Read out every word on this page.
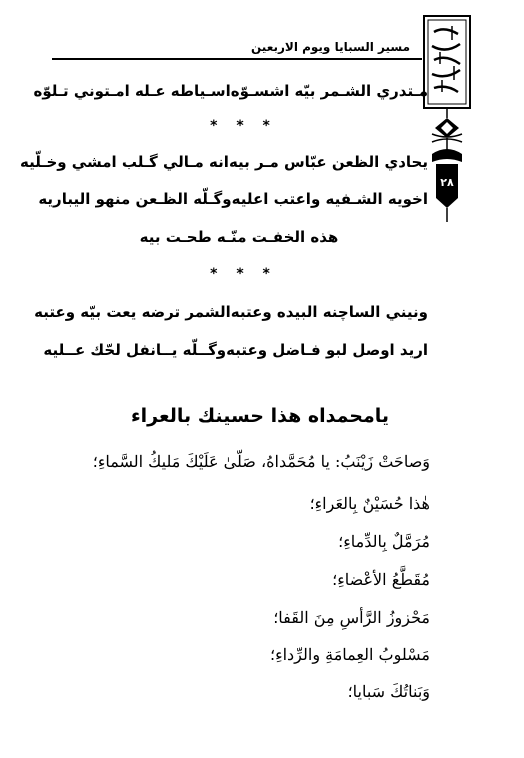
مسير السبايا ويوم الاربعين
٢٨
مـتدري الشـمر بيّه اشسـوّه
اسـياطه عـله امـتوني تـلوّه
* * *
يحادي الظعن عبّاس مـر بيه
انه مـالي گـلب امشي وخـلّيه
اخويه الشـفيه واعتب اعليه
وگـلّه الظـعن منهو اليباريه
هذه الخفـت منّـه طحـت بيه
* * *
ونيني الساچنه البيده وعتبه
الشمر ترضه يعت بيّه وعتبه
اريد اوصل لبو فـاضل وعتبه
وگــلّه يــانفل لحّك عــليه
يامحمداه هذا حسينك بالعراء
وَصاحَتْ زَيْنَبُ: يا مُحَمَّداهُ، صَلّىٰ عَلَيْكَ مَليكُ السَّماءِ؛
هٰذا حُسَيْنٌ بِالعَراءِ؛
مُرَمَّلٌ بِالدِّماءِ؛
مُقَطَّعُ الأعْضاءِ؛
مَحْزوزُ الرَّأسِ مِنَ القَفا؛
مَسْلوبُ العِمامَةِ والرِّداءِ؛
وَبَناتُكَ سَبايا؛
